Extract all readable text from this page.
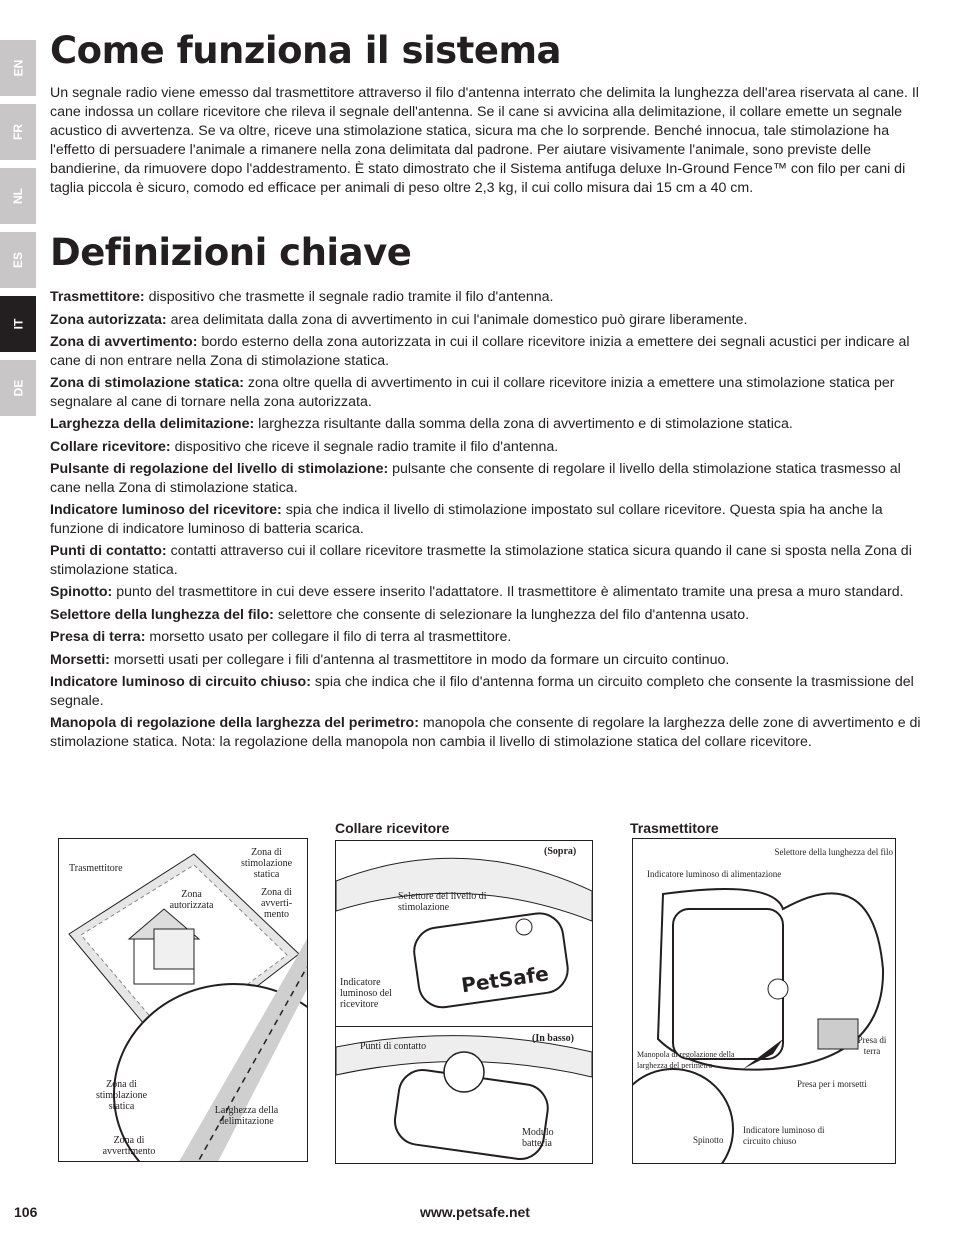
EN
FR
NL
ES
IT
DE
Come funziona il sistema

Un segnale radio viene emesso dal trasmettitore attraverso il filo d'antenna interrato che delimita la lunghezza dell'area riservata al cane. Il cane indossa un collare ricevitore che rileva il segnale dell'antenna. Se il cane si avvicina alla delimitazione, il collare emette un segnale acustico di avvertenza. Se va oltre, riceve una stimolazione statica, sicura ma che lo sorprende. Benché innocua, tale stimolazione ha l'effetto di persuadere l'animale a rimanere nella zona delimitata dal padrone. Per aiutare visivamente l'animale, sono previste delle bandierine, da rimuovere dopo l'addestramento. È stato dimostrato che il Sistema antifuga deluxe In-Ground Fence™ con filo per cani di taglia piccola è sicuro, comodo ed efficace per animali di peso oltre 2,3 kg, il cui collo misura dai 15 cm a 40 cm.

Definizioni chiave

Trasmettitore: dispositivo che trasmette il segnale radio tramite il filo d'antenna.

Zona autorizzata: area delimitata dalla zona di avvertimento in cui l'animale domestico può girare liberamente.

Zona di avvertimento: bordo esterno della zona autorizzata in cui il collare ricevitore inizia a emettere dei segnali acustici per indicare al cane di non entrare nella Zona di stimolazione statica.

Zona di stimolazione statica: zona oltre quella di avvertimento in cui il collare ricevitore inizia a emettere una stimolazione statica per segnalare al cane di tornare nella zona autorizzata.

Larghezza della delimitazione: larghezza risultante dalla somma della zona di avvertimento e di stimolazione statica.

Collare ricevitore: dispositivo che riceve il segnale radio tramite il filo d'antenna.

Pulsante di regolazione del livello di stimolazione: pulsante che consente di regolare il livello della stimolazione statica trasmesso al cane nella Zona di stimolazione statica.

Indicatore luminoso del ricevitore: spia che indica il livello di stimolazione impostato sul collare ricevitore. Questa spia ha anche la funzione di indicatore luminoso di batteria scarica.

Punti di contatto: contatti attraverso cui il collare ricevitore trasmette la stimolazione statica sicura quando il cane si sposta nella Zona di stimolazione statica.

Spinotto: punto del trasmettitore in cui deve essere inserito l'adattatore. Il trasmettitore è alimentato tramite una presa a muro standard.

Selettore della lunghezza del filo: selettore che consente di selezionare la lunghezza del filo d'antenna usato.

Presa di terra: morsetto usato per collegare il filo di terra al trasmettitore.

Morsetti: morsetti usati per collegare i fili d'antenna al trasmettitore in modo da formare un circuito continuo.

Indicatore luminoso di circuito chiuso: spia che indica che il filo d'antenna forma un circuito completo che consente la trasmissione del segnale.

Manopola di regolazione della larghezza del perimetro: manopola che consente di regolare la larghezza delle zone di avvertimento e di stimolazione statica. Nota: la regolazione della manopola non cambia il livello di stimolazione statica del collare ricevitore.

Trasmettitore
Zona di stimolazione statica
Zona autorizzata
Zona di avverti-mento
Zona di stimolazione statica	Larghezza della delimitazione
Zona di avvertimento
Collare ricevitore
PetSafe
(Sopra)
Selettore del livello di stimolazione
Indicatore luminoso del ricevitore
(In basso)
Punti di contatto
Modulo batteria
Trasmettitore
Selettore della lunghezza del filo
Indicatore luminoso di alimentazione
Manopola di regolazione della larghezza del perimetro
Presa di terra
Presa per i morsetti
Spinotto
Indicatore luminoso di circuito chiuso
106	www.petsafe.net
